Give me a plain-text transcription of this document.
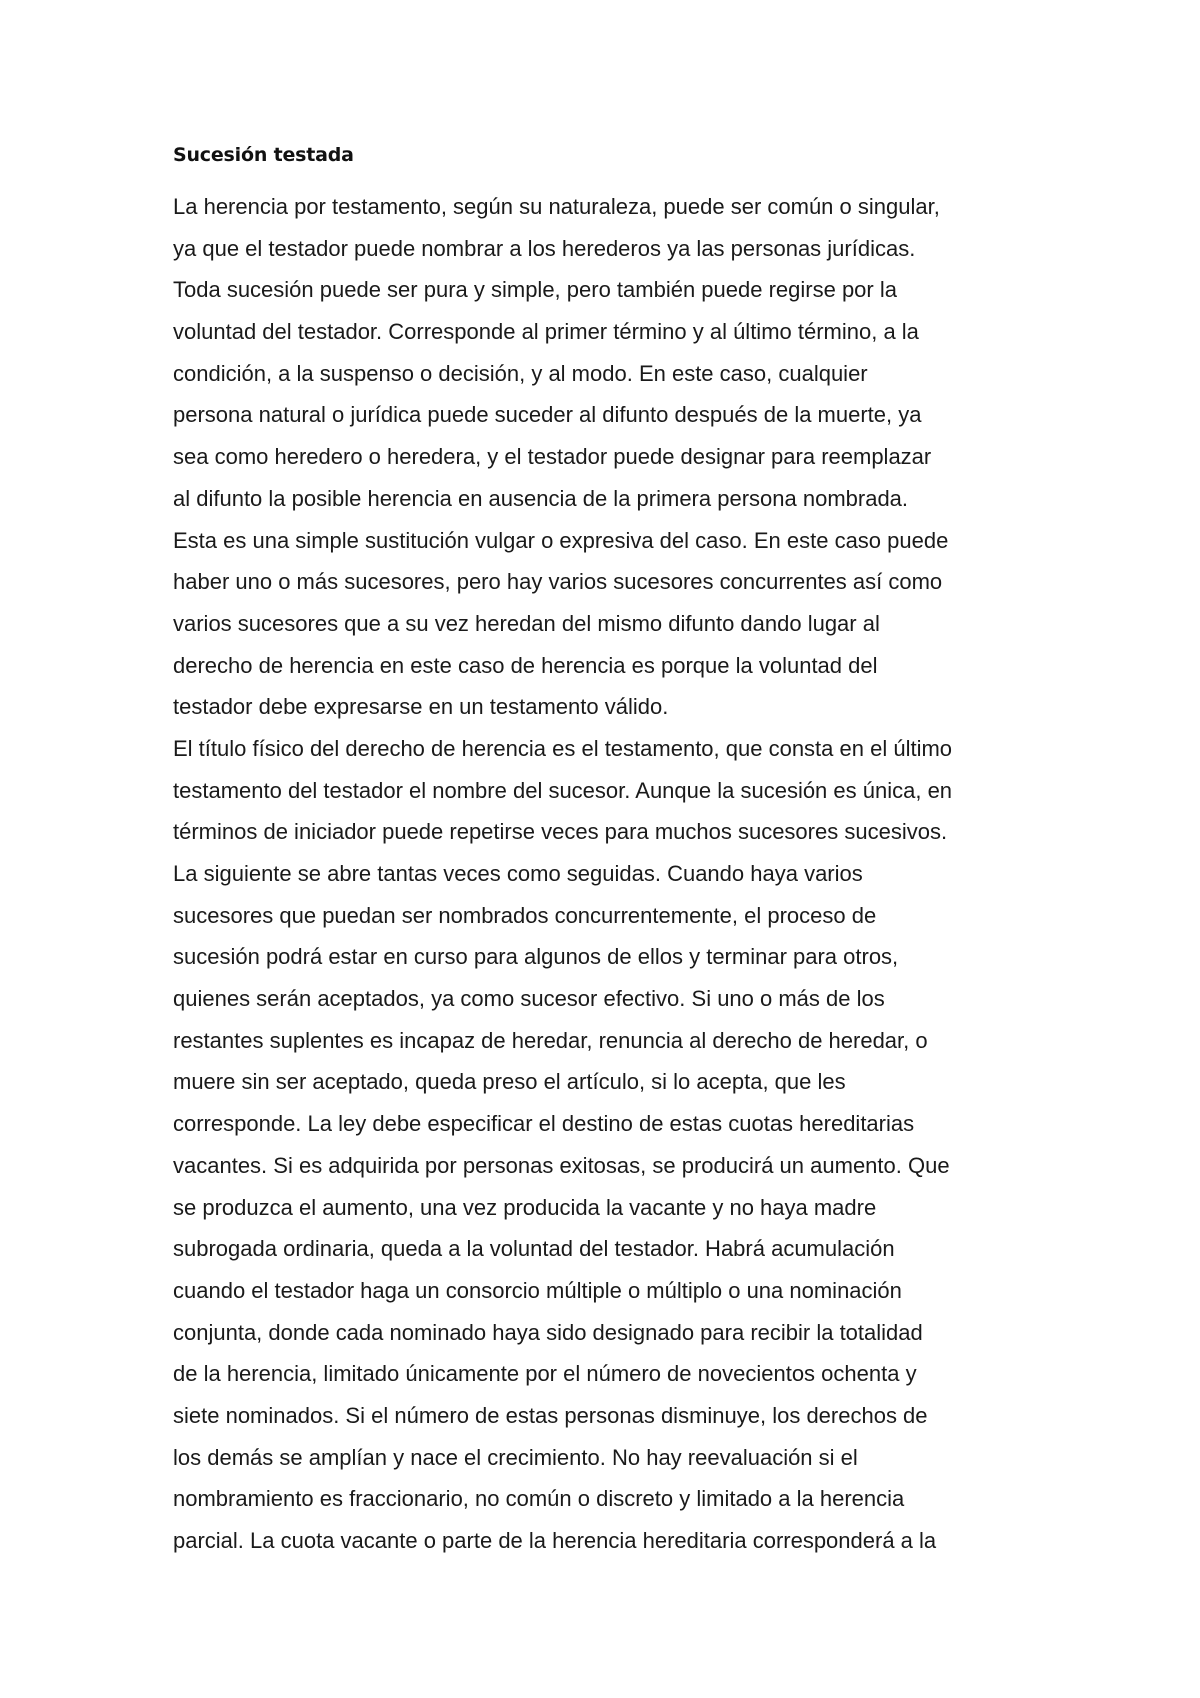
Sucesión testada

La herencia por testamento, según su naturaleza, puede ser común o singular,

ya que el testador puede nombrar a los herederos ya las personas jurídicas.

Toda sucesión puede ser pura y simple, pero también puede regirse por la

voluntad del testador. Corresponde al primer término y al último término, a la

condición, a la suspenso o decisión, y al modo. En este caso, cualquier

persona natural o jurídica puede suceder al difunto después de la muerte, ya

sea como heredero o heredera, y el testador puede designar para reemplazar

al difunto la posible herencia en ausencia de la primera persona nombrada.

Esta es una simple sustitución vulgar o expresiva del caso. En este caso puede

haber uno o más sucesores, pero hay varios sucesores concurrentes así como

varios sucesores que a su vez heredan del mismo difunto dando lugar al

derecho de herencia en este caso de herencia es porque la voluntad del

testador debe expresarse en un testamento válido.

El título físico del derecho de herencia es el testamento, que consta en el último

testamento del testador el nombre del sucesor. Aunque la sucesión es única, en

términos de iniciador puede repetirse veces para muchos sucesores sucesivos.

La siguiente se abre tantas veces como seguidas. Cuando haya varios

sucesores que puedan ser nombrados concurrentemente, el proceso de

sucesión podrá estar en curso para algunos de ellos y terminar para otros,

quienes serán aceptados, ya como sucesor efectivo. Si uno o más de los

restantes suplentes es incapaz de heredar, renuncia al derecho de heredar, o

muere sin ser aceptado, queda preso el artículo, si lo acepta, que les

corresponde. La ley debe especificar el destino de estas cuotas hereditarias

vacantes. Si es adquirida por personas exitosas, se producirá un aumento. Que

se produzca el aumento, una vez producida la vacante y no haya madre

subrogada ordinaria, queda a la voluntad del testador. Habrá acumulación

cuando el testador haga un consorcio múltiple o múltiplo o una nominación

conjunta, donde cada nominado haya sido designado para recibir la totalidad

de la herencia, limitado únicamente por el número de novecientos ochenta y

siete nominados. Si el número de estas personas disminuye, los derechos de

los demás se amplían y nace el crecimiento. No hay reevaluación si el

nombramiento es fraccionario, no común o discreto y limitado a la herencia

parcial. La cuota vacante o parte de la herencia hereditaria corresponderá a la
